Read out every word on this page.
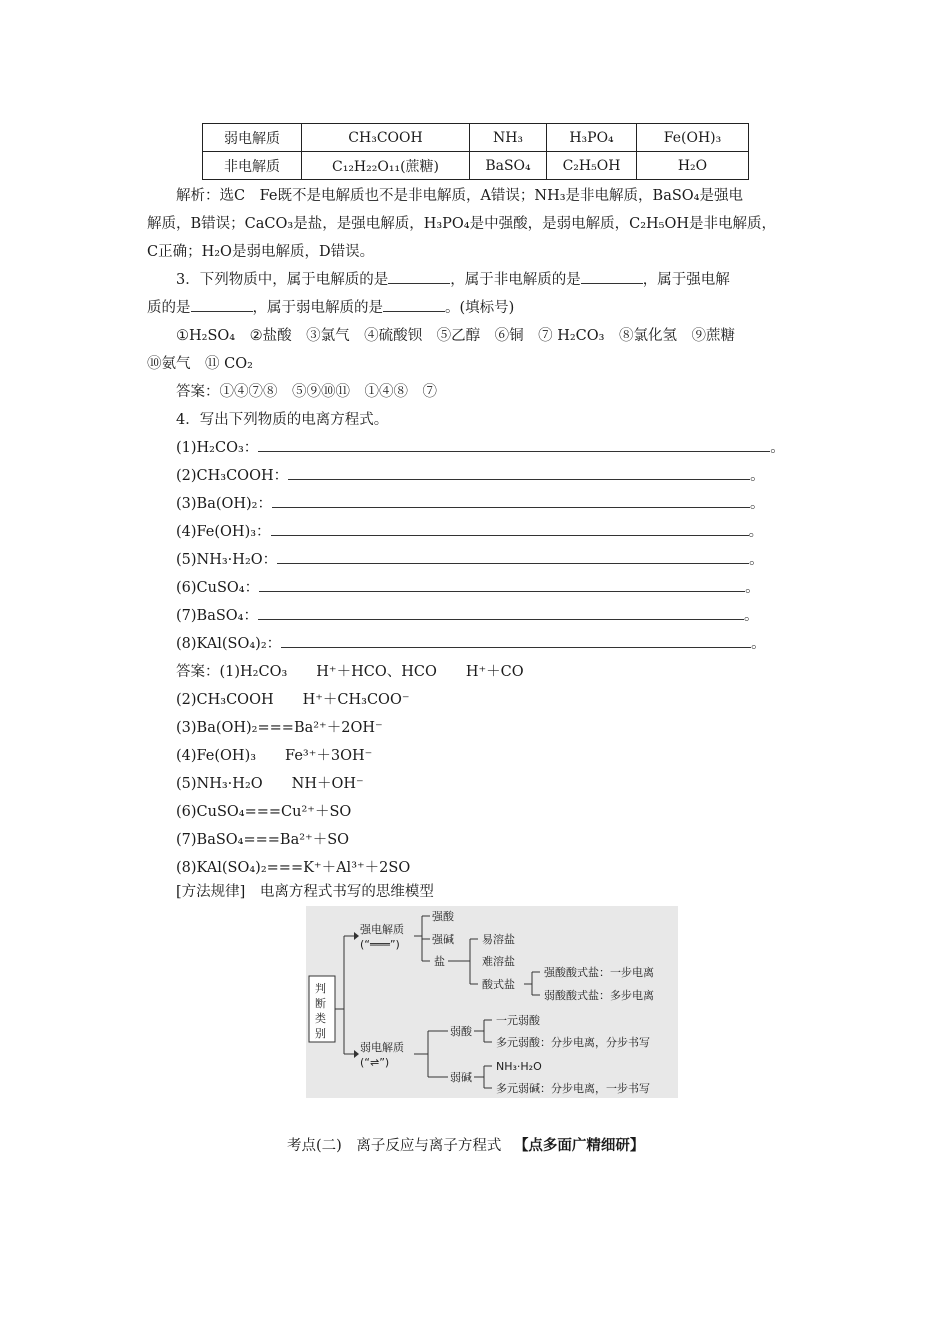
弱电解质	CH₃COOH	NH₃	H₃PO₄	Fe(OH)₃
非电解质	C₁₂H₂₂O₁₁(蔗糖)	BaSO₄	C₂H₅OH	H₂O
解析：选C　Fe既不是电解质也不是非电解质，A错误；NH₃是非电解质，BaSO₄是强电
解质，B错误；CaCO₃是盐，是强电解质，H₃PO₄是中强酸，是弱电解质，C₂H₅OH是非电解质，
C正确；H₂O是弱电解质，D错误。
3．下列物质中，属于电解质的是	，属于非电解质的是	，属于强电解
质的是	，属于弱电解质的是	。(填标号)
①H₂SO₄　②盐酸　③氯气　④硫酸钡　⑤乙醇　⑥铜　⑦ H₂CO₃　⑧氯化氢　⑨蔗糖
⑩氨气　⑪ CO₂
答案：①④⑦⑧　⑤⑨⑩⑪　①④⑧　⑦
4．写出下列物质的电离方程式。
(1)H₂CO₃：	。
(2)CH₃COOH：	。
(3)Ba(OH)₂：	。
(4)Fe(OH)₃：	。
(5)NH₃·H₂O：	。
(6)CuSO₄：	。
(7)BaSO₄：	。
(8)KAl(SO₄)₂：	。
答案：(1)H₂CO₃　　H⁺＋HCO、HCO　　H⁺＋CO
(2)CH₃COOH　　H⁺＋CH₃COO⁻
(3)Ba(OH)₂===Ba²⁺＋2OH⁻
(4)Fe(OH)₃　　Fe³⁺＋3OH⁻
(5)NH₃·H₂O　　NH＋OH⁻
(6)CuSO₄===Cu²⁺＋SO
(7)BaSO₄===Ba²⁺＋SO
(8)KAl(SO₄)₂===K⁺＋Al³⁺＋2SO
[方法规律]　电离方程式书写的思维模型
判
断
类
别
强电解质
(“═══”)
强酸
强碱
盐
易溶盐
难溶盐
酸式盐
强酸酸式盐：一步电离
弱酸酸式盐：多步电离
弱电解质
(“⇌”)
弱酸
一元弱酸
多元弱酸：分步电离，分步书写
弱碱
NH₃·H₂O
多元弱碱：分步电离，一步书写
考点(二)　离子反应与离子方程式 【点多面广精细研】
